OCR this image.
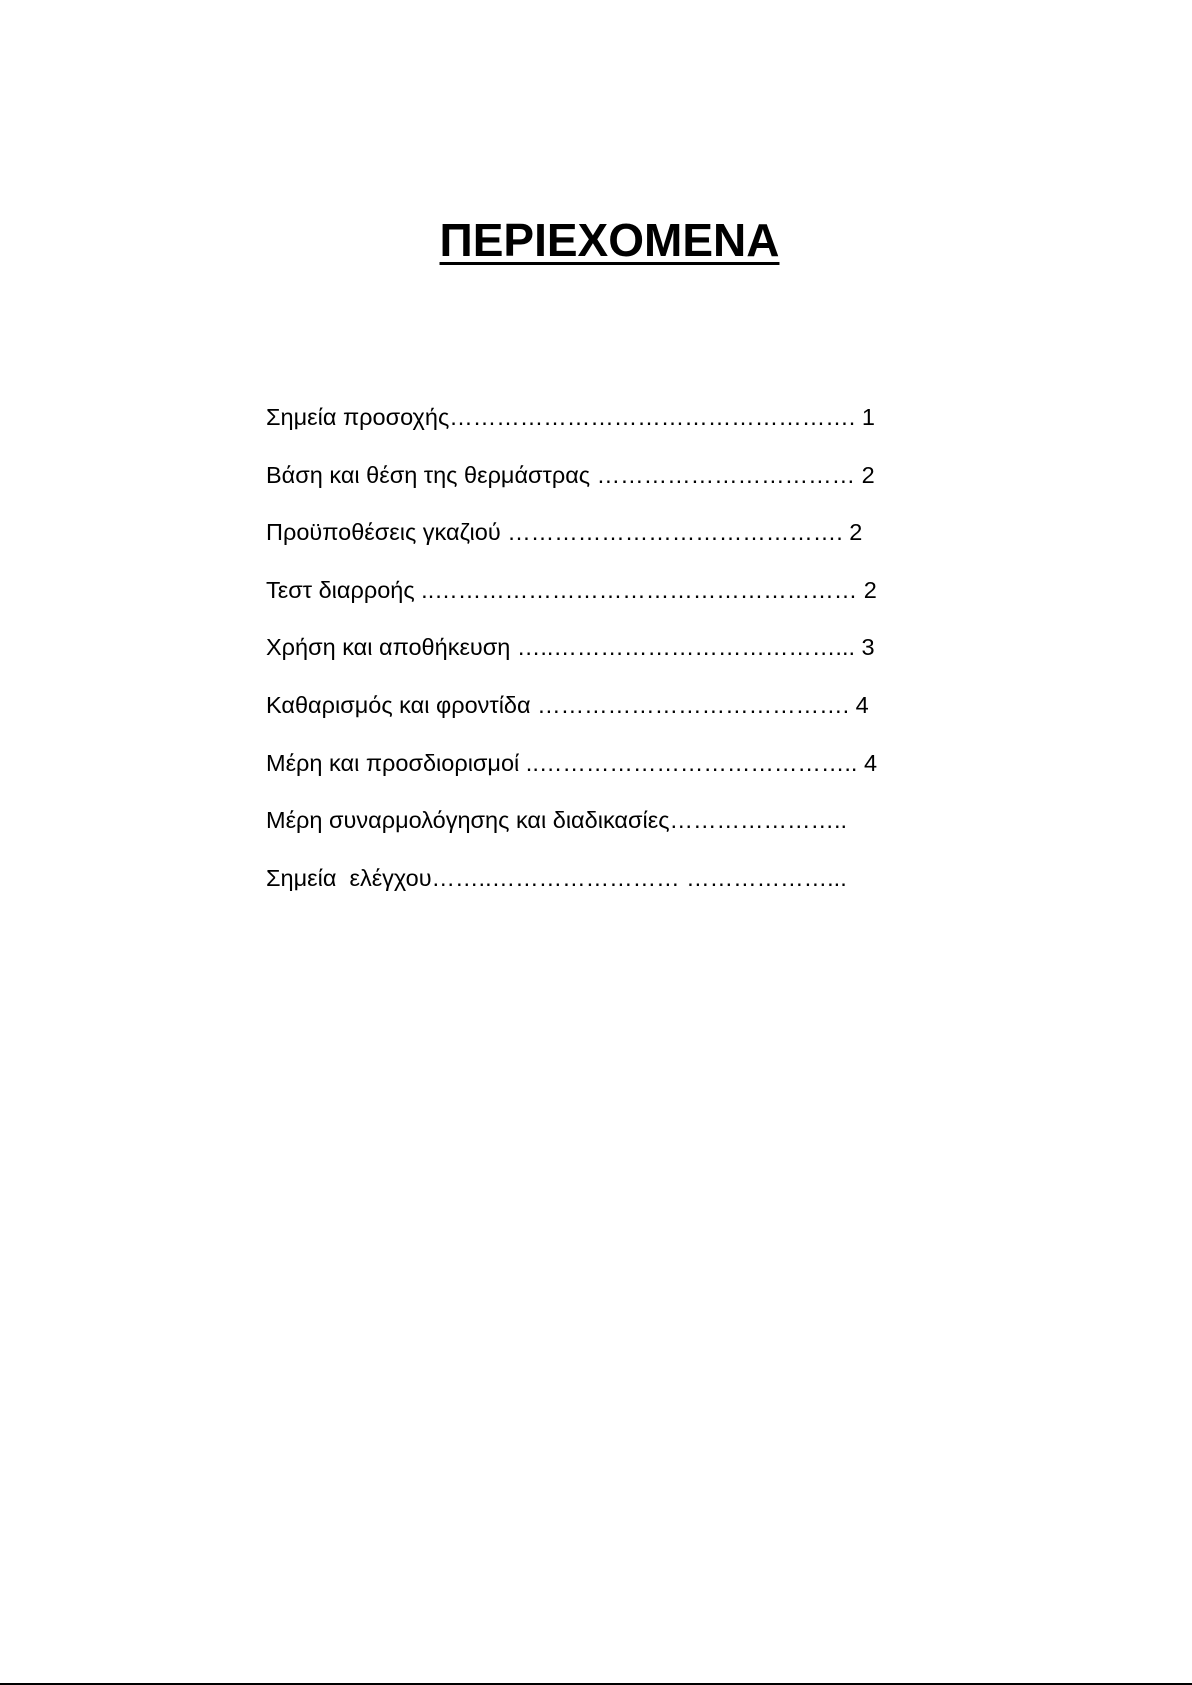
ΠΕΡΙΕΧΟΜΕΝΑ
Σημεία προσοχής……………………………………………. 1
Βάση και θέση της θερμάστρας …………………………… 2
Προϋποθέσεις γκαζιού ……………………………………. 2
Τεστ διαρροής ..……………………………………………… 2
Χρήση και αποθήκευση …..………………………………... 3
Καθαρισμός και φροντίδα …………………………………. 4
Μέρη και προσδιορισμοί ..………………………………….. 4
Μέρη συναρμολόγησης και διαδικασίες…………………..
Σημεία  ελέγχου……..…………………… ………………...
